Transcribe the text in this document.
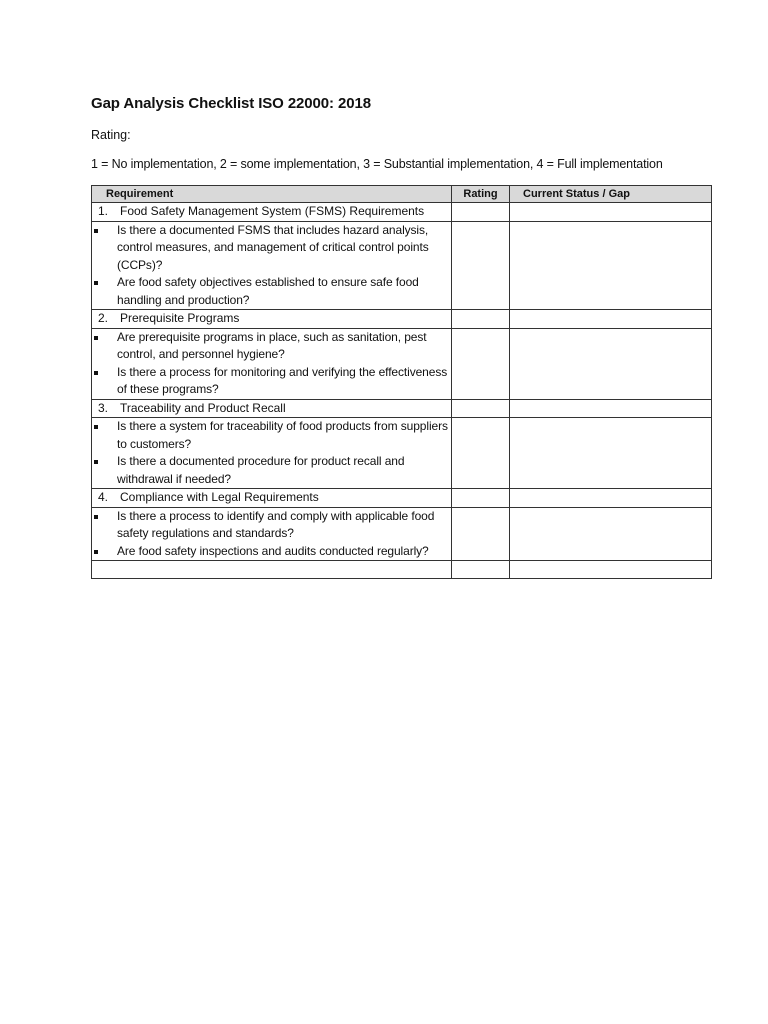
Gap Analysis Checklist ISO 22000: 2018
Rating:
1 = No implementation, 2 = some implementation, 3 = Substantial implementation, 4 = Full implementation
Requirement	Rating	Current Status / Gap
1. Food Safety Management System (FSMS) Requirements		

Is there a documented FSMS that includes hazard analysis, control measures, and management of critical control points (CCPs)?
Are food safety objectives established to ensure safe food handling and production?		

2. Prerequisite Programs		

Are prerequisite programs in place, such as sanitation, pest control, and personnel hygiene?
Is there a process for monitoring and verifying the effectiveness of these programs?		

3. Traceability and Product Recall		

Is there a system for traceability of food products from suppliers to customers?
Is there a documented procedure for product recall and withdrawal if needed?		

4. Compliance with Legal Requirements		

Is there a process to identify and comply with applicable food safety regulations and standards?
Are food safety inspections and audits conducted regularly?		
